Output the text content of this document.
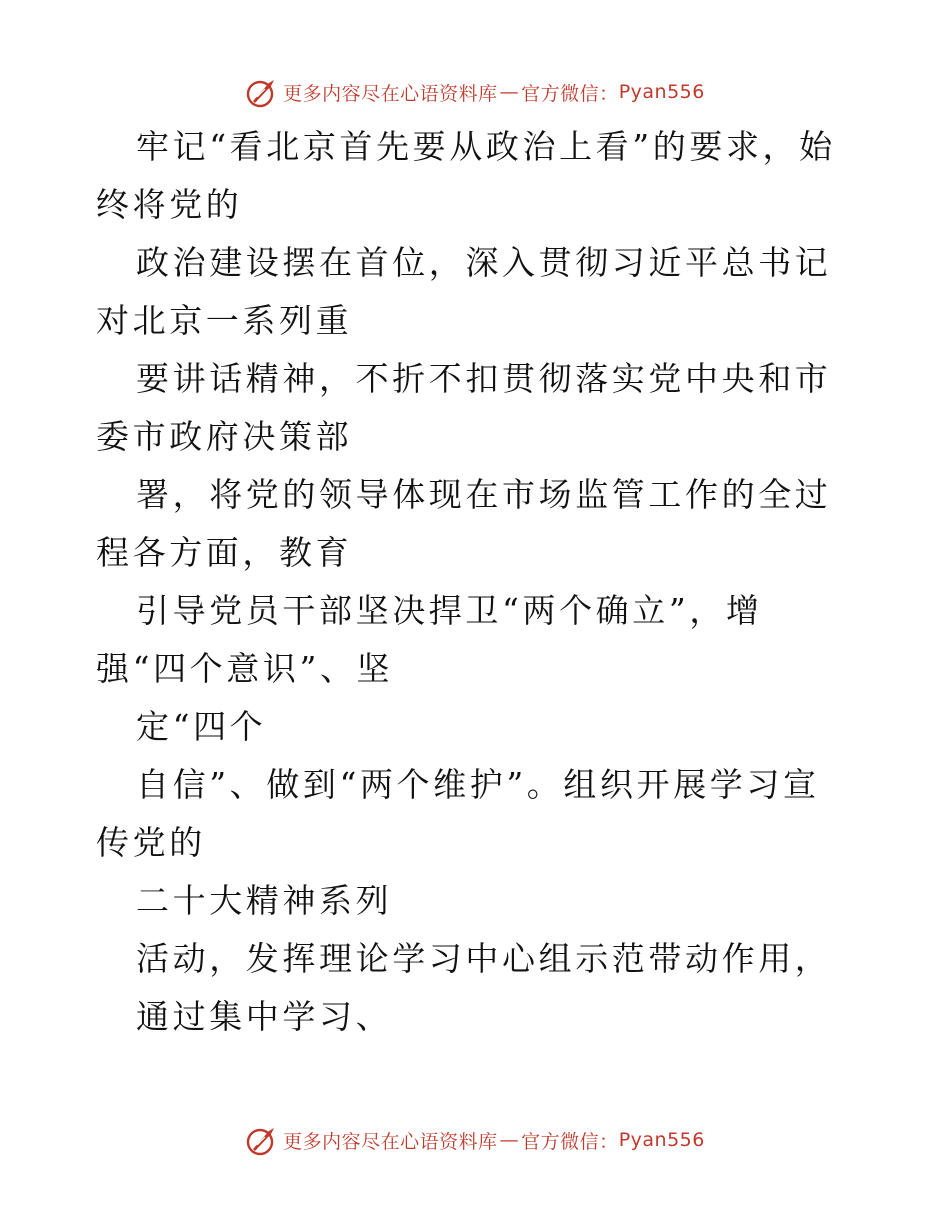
更多内容尽在心语资料库 — 官方微信： Pyan556

牢记“看北京首先要从政治上看”的要求，始终将党的

政治建设摆在首位，深入贯彻习近平总书记对北京一系列重

要讲话精神，不折不扣贯彻落实党中央和市委市政府决策部

署，将党的领导体现在市场监管工作的全过程各方面，教育

引导党员干部坚决捍卫“两个确立”，增强“四个意识”、坚

定“四个

自信”、做到“两个维护”。组织开展学习宣传党的

二十大精神系列

活动，发挥理论学习中心组示范带动作用，

通过集中学习、

更多内容尽在心语资料库 — 官方微信： Pyan556
